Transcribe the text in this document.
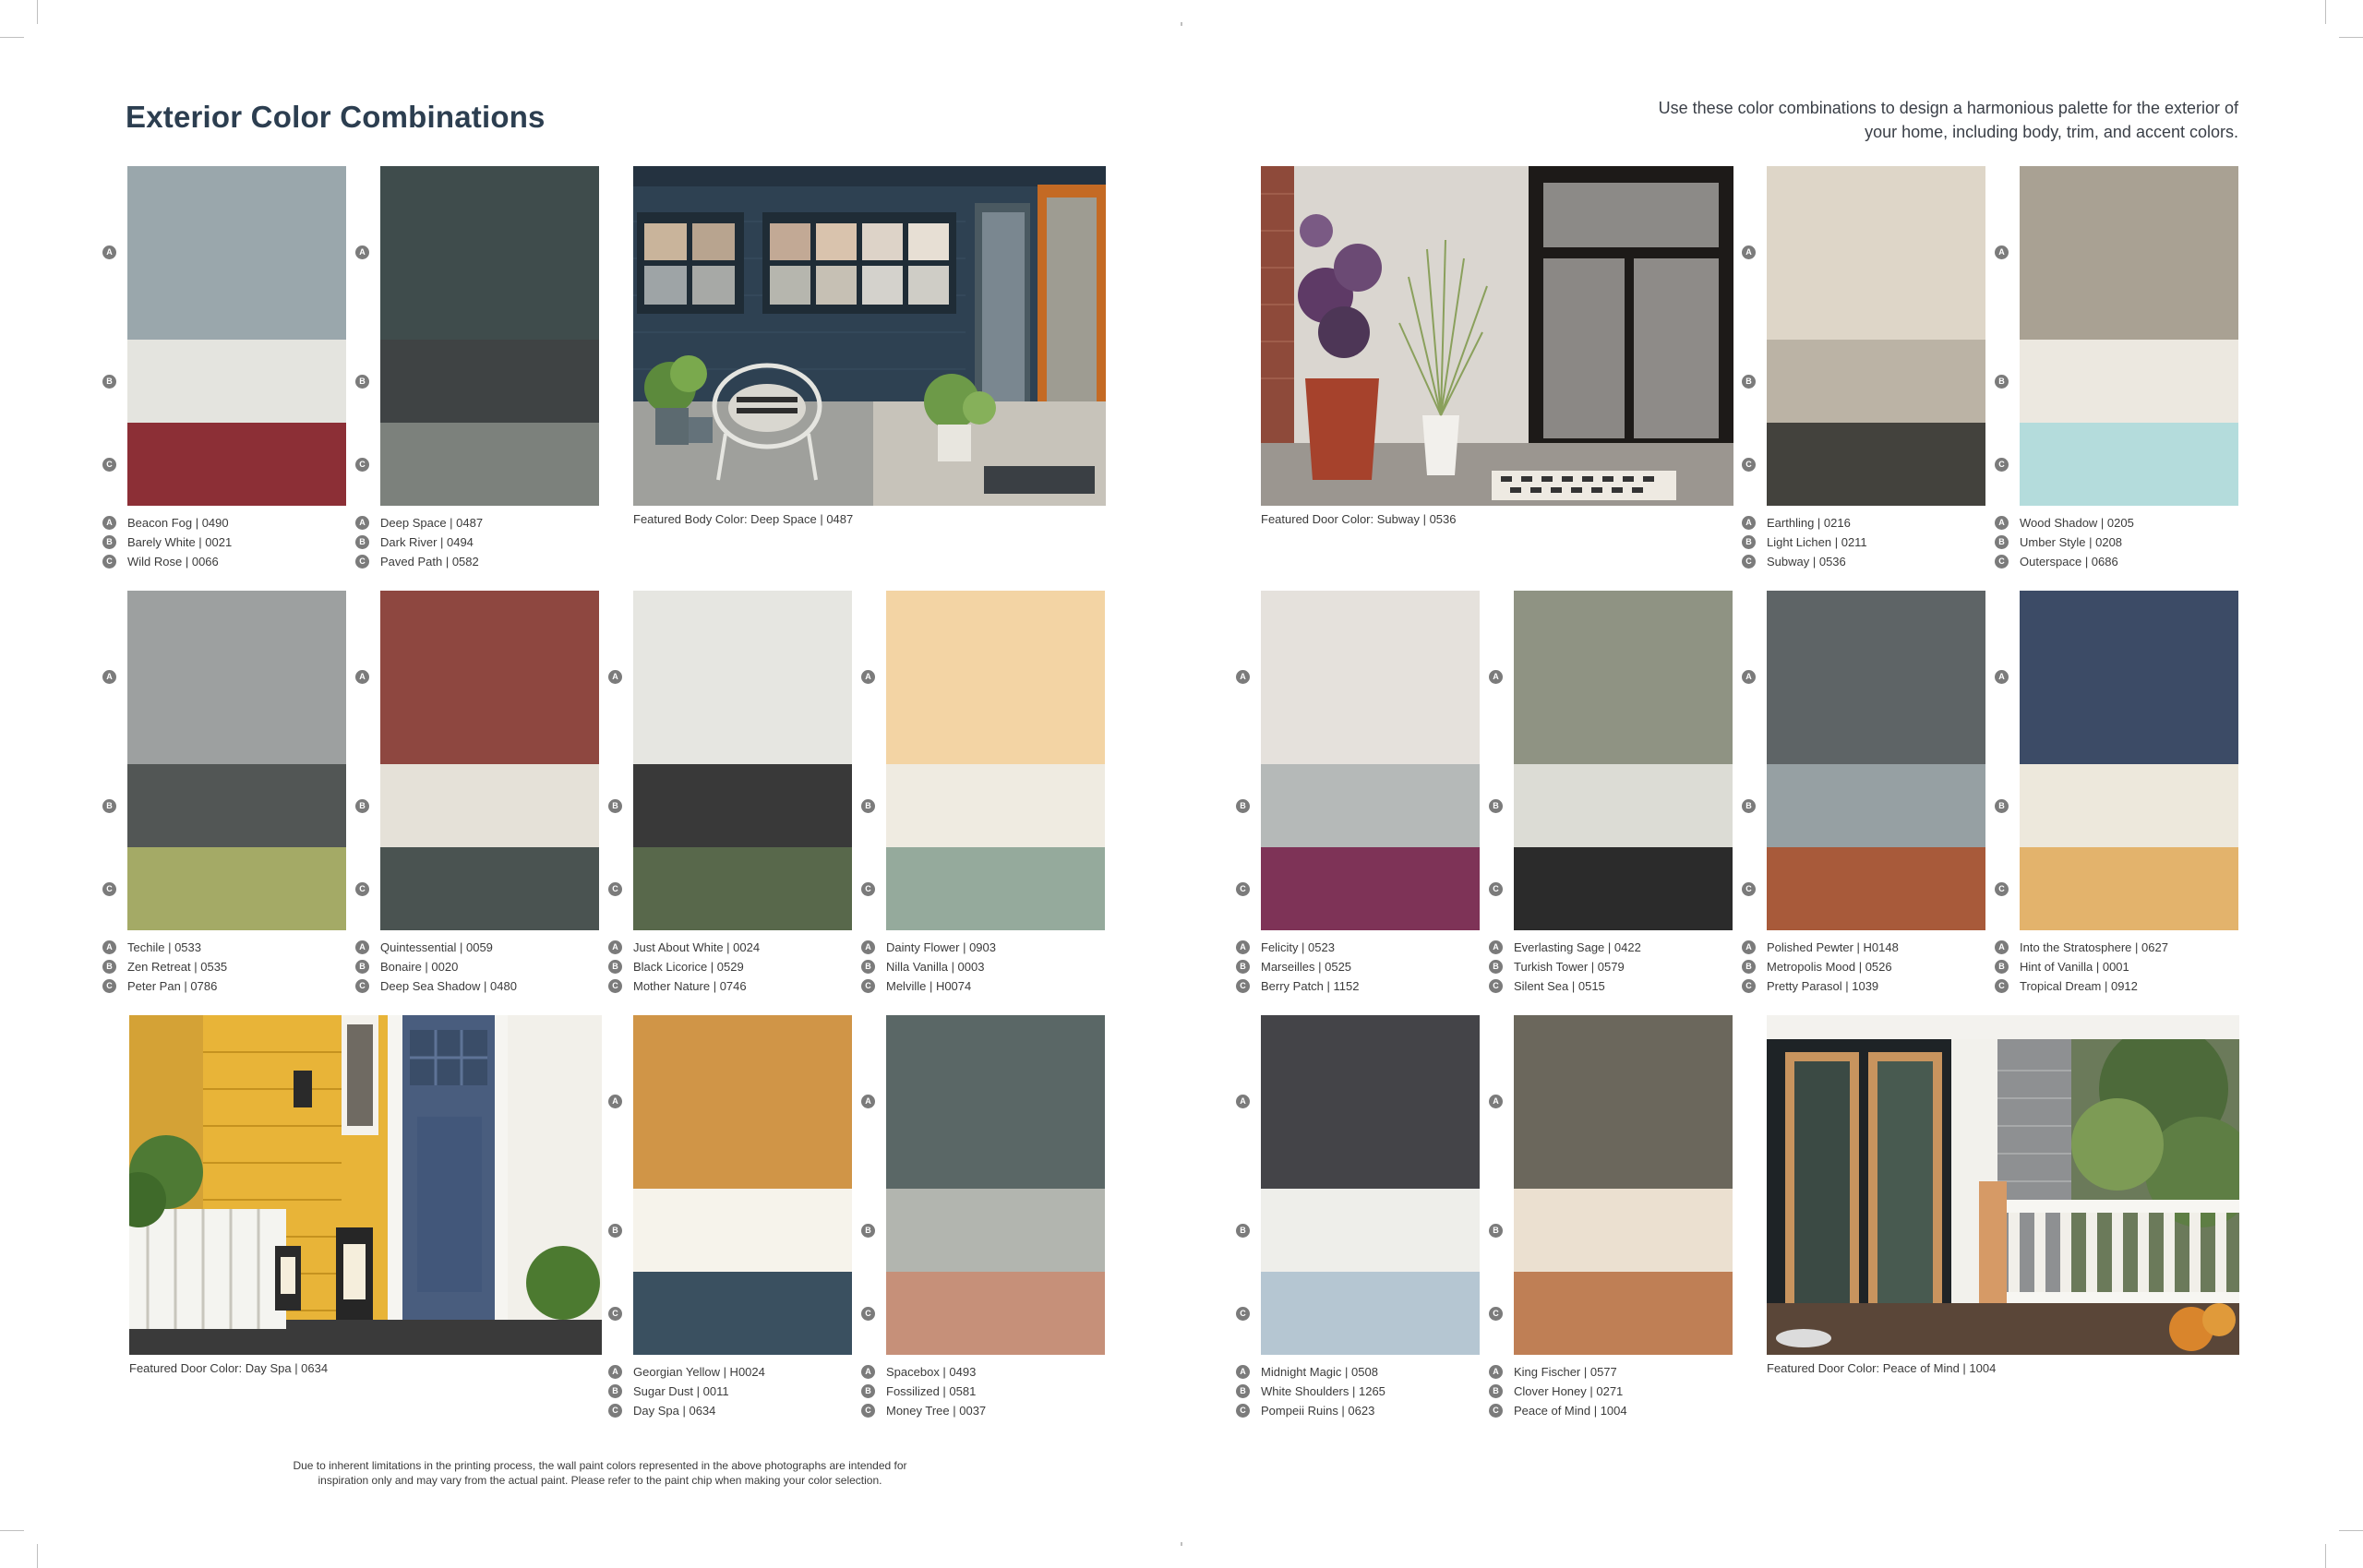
Exterior Color Combinations	Use these color combinations to design a harmonious palette for the exterior of
your home, including body, trim, and accent colors.
A
B
C
A	Beacon Fog | 0490
B	Barely White | 0021
C	Wild Rose | 0066
A
B
C
A	Deep Space | 0487
B	Dark River | 0494
C	Paved Path | 0582
A
B
C
A	Earthling | 0216
B	Light Lichen | 0211
C	Subway | 0536
A
B
C
A	Wood Shadow | 0205
B	Umber Style | 0208
C	Outerspace | 0686
A
B
C
A	Techile | 0533
B	Zen Retreat | 0535
C	Peter Pan | 0786
A
B
C
A	Quintessential | 0059
B	Bonaire | 0020
C	Deep Sea Shadow | 0480
A
B
C
A	Just About White | 0024
B	Black Licorice | 0529
C	Mother Nature | 0746
A
B
C
A	Dainty Flower | 0903
B	Nilla Vanilla | 0003
C	Melville | H0074
A
B
C
A	Felicity | 0523
B	Marseilles | 0525
C	Berry Patch | 1152
A
B
C
A	Everlasting Sage | 0422
B	Turkish Tower | 0579
C	Silent Sea | 0515
A
B
C
A	Polished Pewter | H0148
B	Metropolis Mood | 0526
C	Pretty Parasol | 1039
A
B
C
A	Into the Stratosphere | 0627
B	Hint of Vanilla | 0001
C	Tropical Dream | 0912
A
B
C
A	Georgian Yellow | H0024
B	Sugar Dust | 0011
C	Day Spa | 0634
A
B
C
A	Spacebox | 0493
B	Fossilized | 0581
C	Money Tree | 0037
A
B
C
A	Midnight Magic | 0508
B	White Shoulders | 1265
C	Pompeii Ruins | 0623
A
B
C
A	King Fischer | 0577
B	Clover Honey | 0271
C	Peace of Mind | 1004
Featured Body Color: Deep Space | 0487	Featured Door Color: Subway | 0536
Featured Door Color: Day Spa | 0634	Featured Door Color: Peace of Mind | 1004
Due to inherent limitations in the printing process, the wall paint colors represented in the above photographs are intended for
inspiration only and may vary from the actual paint. Please refer to the paint chip when making your color selection.
